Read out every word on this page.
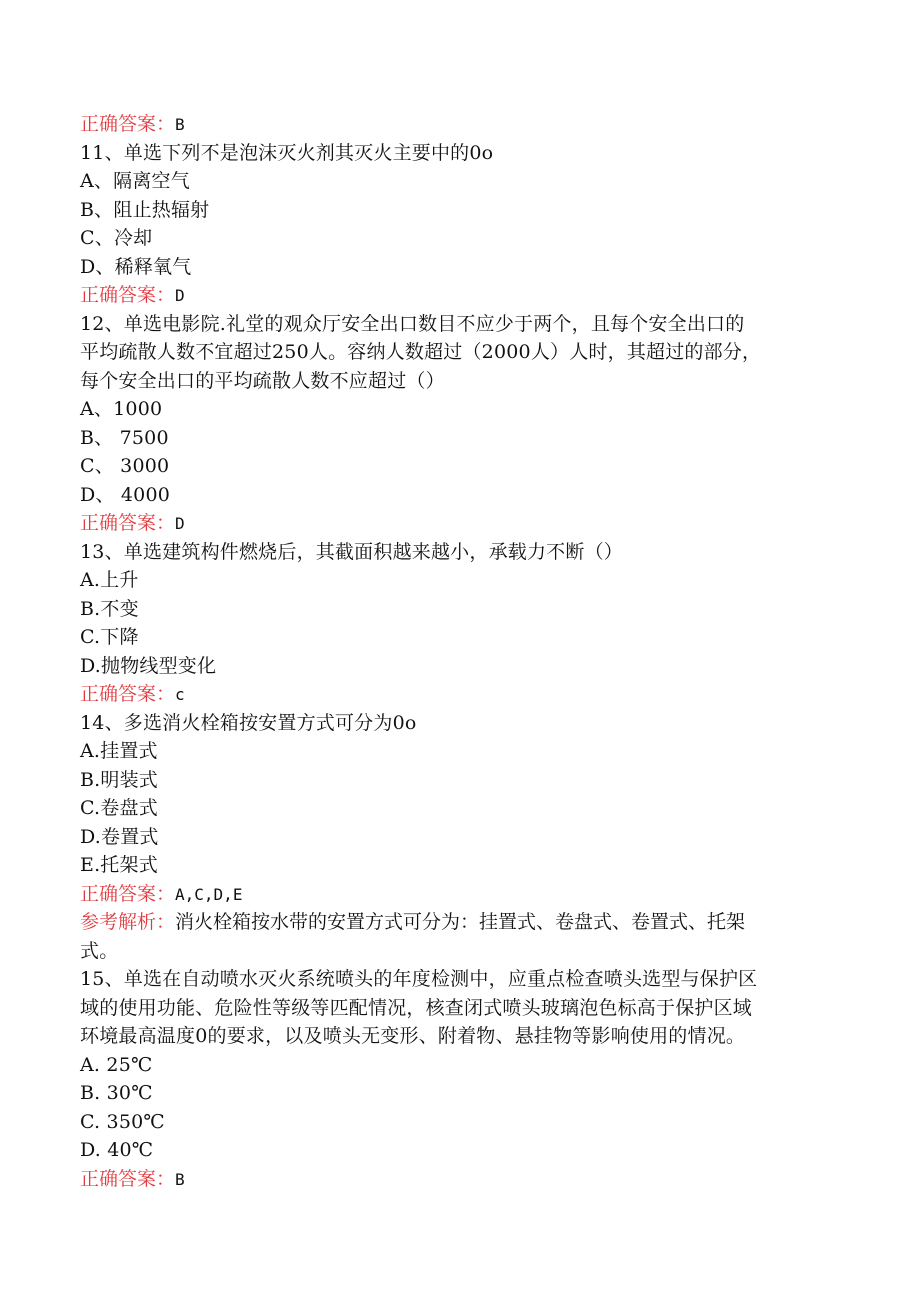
正确答案：B
11、单选下列不是泡沫灭火剂其灭火主要中的0o
A、隔离空气
B、阻止热辐射
C、冷却
D、稀释氧气
正确答案：D
12、单选电影院.礼堂的观众厅安全出口数目不应少于两个，且每个安全出口的
平均疏散人数不宜超过250人。容纳人数超过（2000人）人时，其超过的部分，
每个安全出口的平均疏散人数不应超过（）
A、1000
B、 7500
C、 3000
D、 4000
正确答案：D
13、单选建筑构件燃烧后，其截面积越来越小，承载力不断（）
A.上升
B.不变
C.下降
D.抛物线型变化
正确答案：c
14、多选消火栓箱按安置方式可分为0o
A.挂置式
B.明装式
C.卷盘式
D.卷置式
E.托架式
正确答案：A,C,D,E
参考解析：消火栓箱按水带的安置方式可分为：挂置式、卷盘式、卷置式、托架
式。
15、单选在自动喷水灭火系统喷头的年度检测中，应重点检查喷头选型与保护区
域的使用功能、危险性等级等匹配情况，核查闭式喷头玻璃泡色标高于保护区域
环境最高温度0的要求，以及喷头无变形、附着物、悬挂物等影响使用的情况。
A. 25℃
B. 30℃
C. 350℃
D. 40℃
正确答案：B
